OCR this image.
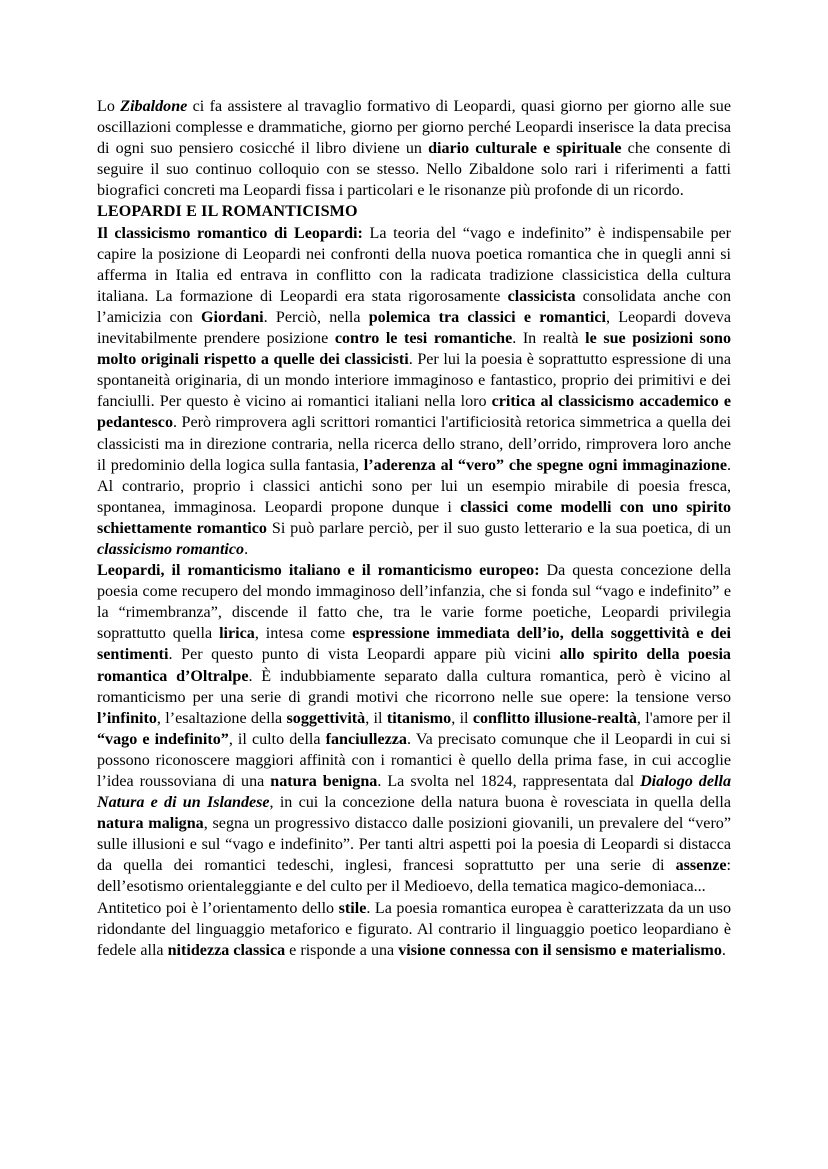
Lo Zibaldone ci fa assistere al travaglio formativo di Leopardi, quasi giorno per giorno alle sue oscillazioni complesse e drammatiche, giorno per giorno perché Leopardi inserisce la data precisa di ogni suo pensiero cosicché il libro diviene un diario culturale e spirituale che consente di seguire il suo continuo colloquio con se stesso. Nello Zibaldone solo rari i riferimenti a fatti biografici concreti ma Leopardi fissa i particolari e le risonanze più profonde di un ricordo.

LEOPARDI E IL ROMANTICISMO

Il classicismo romantico di Leopardi: La teoria del “vago e indefinito” è indispensabile per capire la posizione di Leopardi nei confronti della nuova poetica romantica che in quegli anni si afferma in Italia ed entrava in conflitto con la radicata tradizione classicistica della cultura italiana. La formazione di Leopardi era stata rigorosamente classicista consolidata anche con l’amicizia con Giordani. Perciò, nella polemica tra classici e romantici, Leopardi doveva inevitabilmente prendere posizione contro le tesi romantiche. In realtà le sue posizioni sono molto originali rispetto a quelle dei classicisti. Per lui la poesia è soprattutto espressione di una spontaneità originaria, di un mondo interiore immaginoso e fantastico, proprio dei primitivi e dei fanciulli. Per questo è vicino ai romantici italiani nella loro critica al classicismo accademico e pedantesco. Però rimprovera agli scrittori romantici l'artificiosità retorica simmetrica a quella dei classicisti ma in direzione contraria, nella ricerca dello strano, dell’orrido, rimprovera loro anche il predominio della logica sulla fantasia, l’aderenza al “vero” che spegne ogni immaginazione. Al contrario, proprio i classici antichi sono per lui un esempio mirabile di poesia fresca, spontanea, immaginosa. Leopardi propone dunque i classici come modelli con uno spirito schiettamente romantico Si può parlare perciò, per il suo gusto letterario e la sua poetica, di un classicismo romantico.

Leopardi, il romanticismo italiano e il romanticismo europeo: Da questa concezione della poesia come recupero del mondo immaginoso dell’infanzia, che si fonda sul “vago e indefinito” e la “rimembranza”, discende il fatto che, tra le varie forme poetiche, Leopardi privilegia soprattutto quella lirica, intesa come espressione immediata dell’io, della soggettività e dei sentimenti. Per questo punto di vista Leopardi appare più vicini allo spirito della poesia romantica d’Oltralpe. È indubbiamente separato dalla cultura romantica, però è vicino al romanticismo per una serie di grandi motivi che ricorrono nelle sue opere: la tensione verso l’infinito, l’esaltazione della soggettività, il titanismo, il conflitto illusione-realtà, l'amore per il “vago e indefinito”, il culto della fanciullezza. Va precisato comunque che il Leopardi in cui si possono riconoscere maggiori affinità con i romantici è quello della prima fase, in cui accoglie l’idea roussoviana di una natura benigna. La svolta nel 1824, rappresentata dal Dialogo della Natura e di un Islandese, in cui la concezione della natura buona è rovesciata in quella della natura maligna, segna un progressivo distacco dalle posizioni giovanili, un prevalere del “vero” sulle illusioni e sul “vago e indefinito”. Per tanti altri aspetti poi la poesia di Leopardi si distacca da quella dei romantici tedeschi, inglesi, francesi soprattutto per una serie di assenze: dell’esotismo orientaleggiante e del culto per il Medioevo, della tematica magico-demoniaca...

Antitetico poi è l’orientamento dello stile. La poesia romantica europea è caratterizzata da un uso ridondante del linguaggio metaforico e figurato. Al contrario il linguaggio poetico leopardiano è fedele alla nitidezza classica e risponde a una visione connessa con il sensismo e materialismo.
